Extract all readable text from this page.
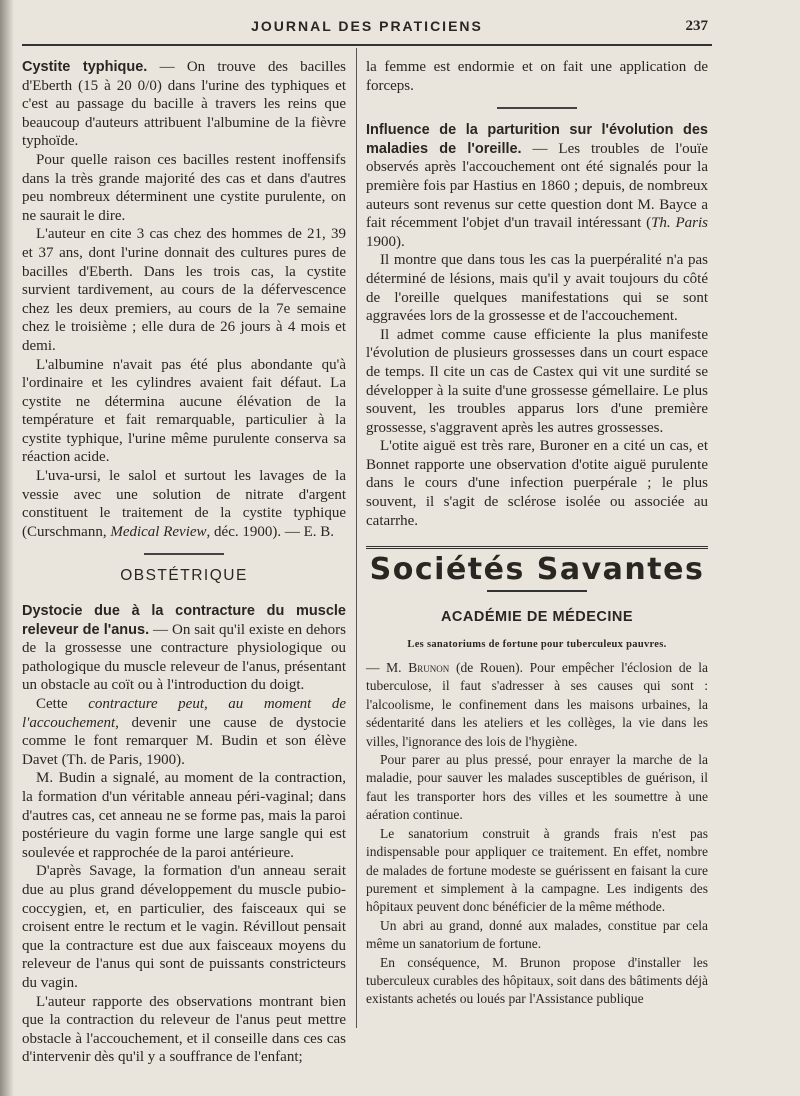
JOURNAL DES PRATICIENS	237

Cystite typhique. — On trouve des bacilles d'Eberth (15 à 20 0/0) dans l'urine des typhiques et c'est au passage du bacille à travers les reins que beaucoup d'auteurs attribuent l'albumine de la fièvre typhoïde.

Pour quelle raison ces bacilles restent inoffensifs dans la très grande majorité des cas et dans d'autres peu nombreux déterminent une cystite purulente, on ne saurait le dire.

L'auteur en cite 3 cas chez des hommes de 21, 39 et 37 ans, dont l'urine donnait des cultures pures de bacilles d'Eberth. Dans les trois cas, la cystite survient tardivement, au cours de la défervescence chez les deux premiers, au cours de la 7e semaine chez le troisième ; elle dura de 26 jours à 4 mois et demi.

L'albumine n'avait pas été plus abondante qu'à l'ordinaire et les cylindres avaient fait défaut. La cystite ne détermina aucune élévation de la température et fait remarquable, particulier à la cystite typhique, l'urine même purulente conserva sa réaction acide.

L'uva-ursi, le salol et surtout les lavages de la vessie avec une solution de nitrate d'argent constituent le traitement de la cystite typhique (Curschmann, Medical Review, déc. 1900). — E. B.

OBSTÉTRIQUE

Dystocie due à la contracture du muscle releveur de l'anus. — On sait qu'il existe en dehors de la grossesse une contracture physiologique ou pathologique du muscle releveur de l'anus, présentant un obstacle au coït ou à l'introduction du doigt.

Cette contracture peut, au moment de l'accouchement, devenir une cause de dystocie comme le font remarquer M. Budin et son élève Davet (Th. de Paris, 1900).

M. Budin a signalé, au moment de la contraction, la formation d'un véritable anneau péri-vaginal; dans d'autres cas, cet anneau ne se forme pas, mais la paroi postérieure du vagin forme une large sangle qui est soulevée et rapprochée de la paroi antérieure.

D'après Savage, la formation d'un anneau serait due au plus grand développement du muscle pubio-coccygien, et, en particulier, des faisceaux qui se croisent entre le rectum et le vagin. Révillout pensait que la contracture est due aux faisceaux moyens du releveur de l'anus qui sont de puissants constricteurs du vagin.

L'auteur rapporte des observations montrant bien que la contraction du releveur de l'anus peut mettre obstacle à l'accouchement, et il conseille dans ces cas d'intervenir dès qu'il y a souffrance de l'enfant;

la femme est endormie et on fait une application de forceps.

Influence de la parturition sur l'évolution des maladies de l'oreille. — Les troubles de l'ouïe observés après l'accouchement ont été signalés pour la première fois par Hastius en 1860 ; depuis, de nombreux auteurs sont revenus sur cette question dont M. Bayce a fait récemment l'objet d'un travail intéressant (Th. Paris 1900).

Il montre que dans tous les cas la puerpéralité n'a pas déterminé de lésions, mais qu'il y avait toujours du côté de l'oreille quelques manifestations qui se sont aggravées lors de la grossesse et de l'accouchement.

Il admet comme cause efficiente la plus manifeste l'évolution de plusieurs grossesses dans un court espace de temps. Il cite un cas de Castex qui vit une surdité se développer à la suite d'une grossesse gémellaire. Le plus souvent, les troubles apparus lors d'une première grossesse, s'aggravent après les autres grossesses.

L'otite aiguë est très rare, Buroner en a cité un cas, et Bonnet rapporte une observation d'otite aiguë purulente dans le cours d'une infection puerpérale ; le plus souvent, il s'agit de sclérose isolée ou associée au catarrhe.

Sociétés Savantes
ACADÉMIE DE MÉDECINE
Les sanatoriums de fortune pour tuberculeux pauvres.

— M. Brunon (de Rouen). Pour empêcher l'éclosion de la tuberculose, il faut s'adresser à ses causes qui sont : l'alcoolisme, le confinement dans les maisons urbaines, la sédentarité dans les ateliers et les collèges, la vie dans les villes, l'ignorance des lois de l'hygiène.

Pour parer au plus pressé, pour enrayer la marche de la maladie, pour sauver les malades susceptibles de guérison, il faut les transporter hors des villes et les soumettre à une aération continue.

Le sanatorium construit à grands frais n'est pas indispensable pour appliquer ce traitement. En effet, nombre de malades de fortune modeste se guérissent en faisant la cure purement et simplement à la campagne. Les indigents des hôpitaux peuvent donc bénéficier de la même méthode.

Un abri au grand, donné aux malades, constitue par cela même un sanatorium de fortune.

En conséquence, M. Brunon propose d'installer les tuberculeux curables des hôpitaux, soit dans des bâtiments déjà existants achetés ou loués par l'Assistance publique
